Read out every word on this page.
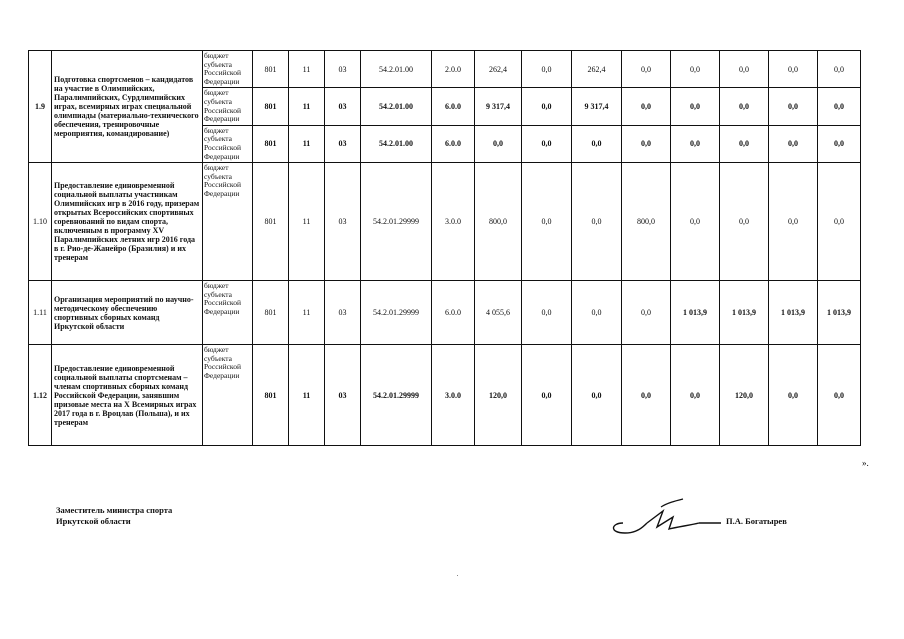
1.9	Подготовка спортсменов – кандидатов на участие в Олимпийских, Паралимпийских, Сурдлимпийских играх, всемирных играх специальной олимпиады (материально-технического обеспечения, тренировочные мероприятия, командирование)	бюджет субъекта Российской Федерации	801	11	03	54.2.01.00	2.0.0	262,4	0,0	262,4	0,0	0,0	0,0	0,0	0,0
		бюджет субъекта Российской Федерации	801	11	03	54.2.01.00	6.0.0	9 317,4	0,0	9 317,4	0,0	0,0	0,0	0,0	0,0
		бюджет субъекта Российской Федерации	801	11	03	54.2.01.00	6.0.0	0,0	0,0	0,0	0,0	0,0	0,0	0,0	0,0
1.10	Предоставление единовременной социальной выплаты участникам Олимпийских игр в 2016 году, призерам открытых Всероссийских спортивных соревнований по видам спорта, включенным в программу XV Паралимпийских летних игр 2016 года в г. Рио-де-Жанейро (Бразилия) и их тренерам	бюджет субъекта Российской Федерации	801	11	03	54.2.01.29999	3.0.0	800,0	0,0	0,0	800,0	0,0	0,0	0,0	0,0
1.11	Организация мероприятий по научно-методическому обеспечению спортивных сборных команд Иркутской области	бюджет субъекта Российской Федерации	801	11	03	54.2.01.29999	6.0.0	4 055,6	0,0	0,0	0,0	1 013,9	1 013,9	1 013,9	1 013,9
1.12	Предоставление единовременной социальной выплаты спортсменам – членам спортивных сборных команд Российской Федерации, занявшим призовые места на X Всемирных играх 2017 года в г. Вроцлав (Польша), и их тренерам	бюджет субъекта Российской Федерации	801	11	03	54.2.01.29999	3.0.0	120,0	0,0	0,0	0,0	0,0	120,0	0,0	0,0
».
Заместитель министра спорта
Иркутской области	П.А. Богатырев
